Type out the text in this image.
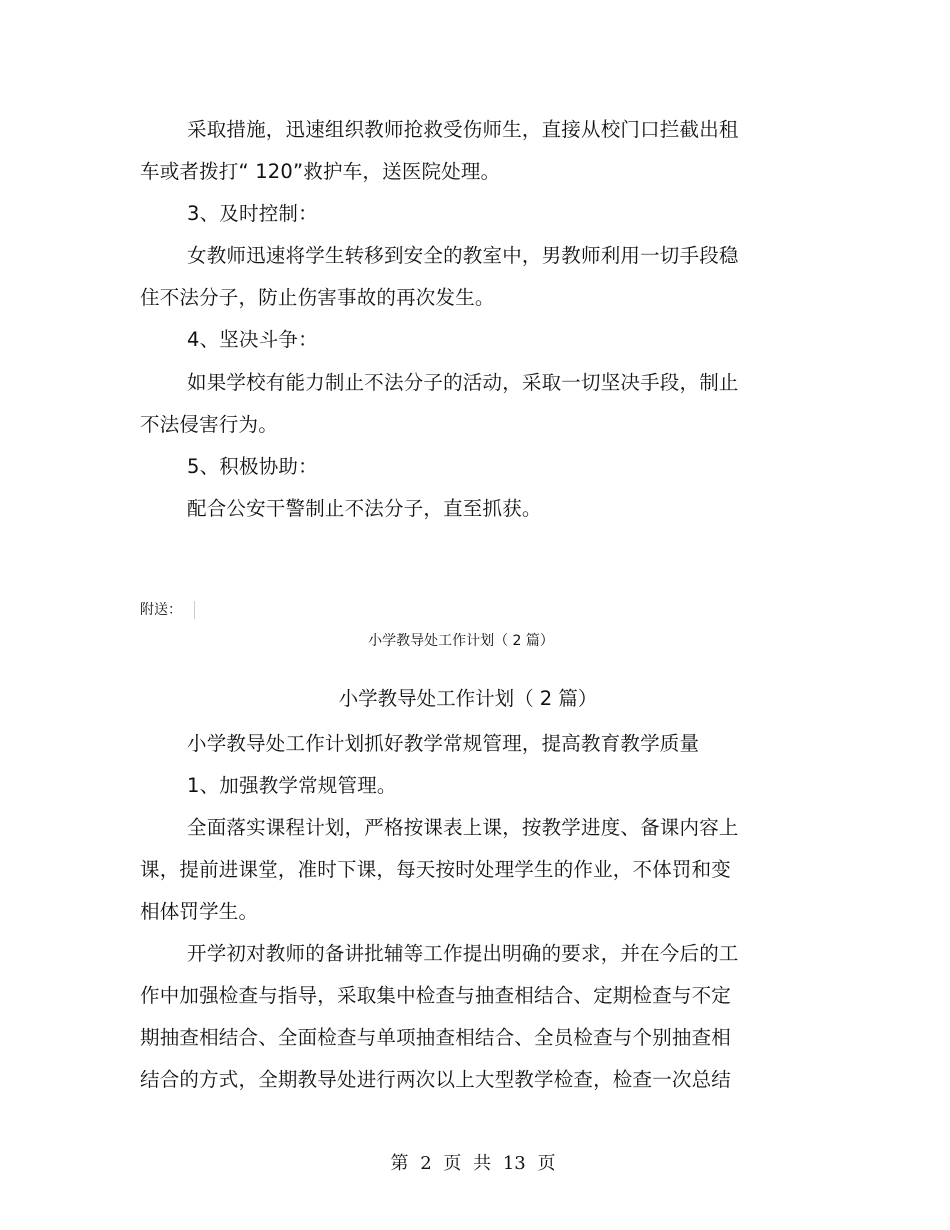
采取措施，迅速组织教师抢救受伤师生，直接从校门口拦截出租
车或者拨打“ 120”救护车，送医院处理。
3、及时控制：
女教师迅速将学生转移到安全的教室中，男教师利用一切手段稳
住不法分子，防止伤害事故的再次发生。
4、坚决斗争：
如果学校有能力制止不法分子的活动，采取一切坚决手段，制止
不法侵害行为。
5、积极协助：
配合公安干警制止不法分子，直至抓获。
附送：
小学教导处工作计划（ 2 篇）
小学教导处工作计划（ 2 篇）
小学教导处工作计划抓好教学常规管理，提高教育教学质量
1、加强教学常规管理。
全面落实课程计划，严格按课表上课，按教学进度、备课内容上
课，提前进课堂，准时下课，每天按时处理学生的作业，不体罚和变
相体罚学生。
开学初对教师的备讲批辅等工作提出明确的要求，并在今后的工
作中加强检查与指导，采取集中检查与抽查相结合、定期检查与不定
期抽查相结合、全面检查与单项抽查相结合、全员检查与个别抽查相
结合的方式，全期教导处进行两次以上大型教学检查，检查一次总结
第 2 页 共 13 页
